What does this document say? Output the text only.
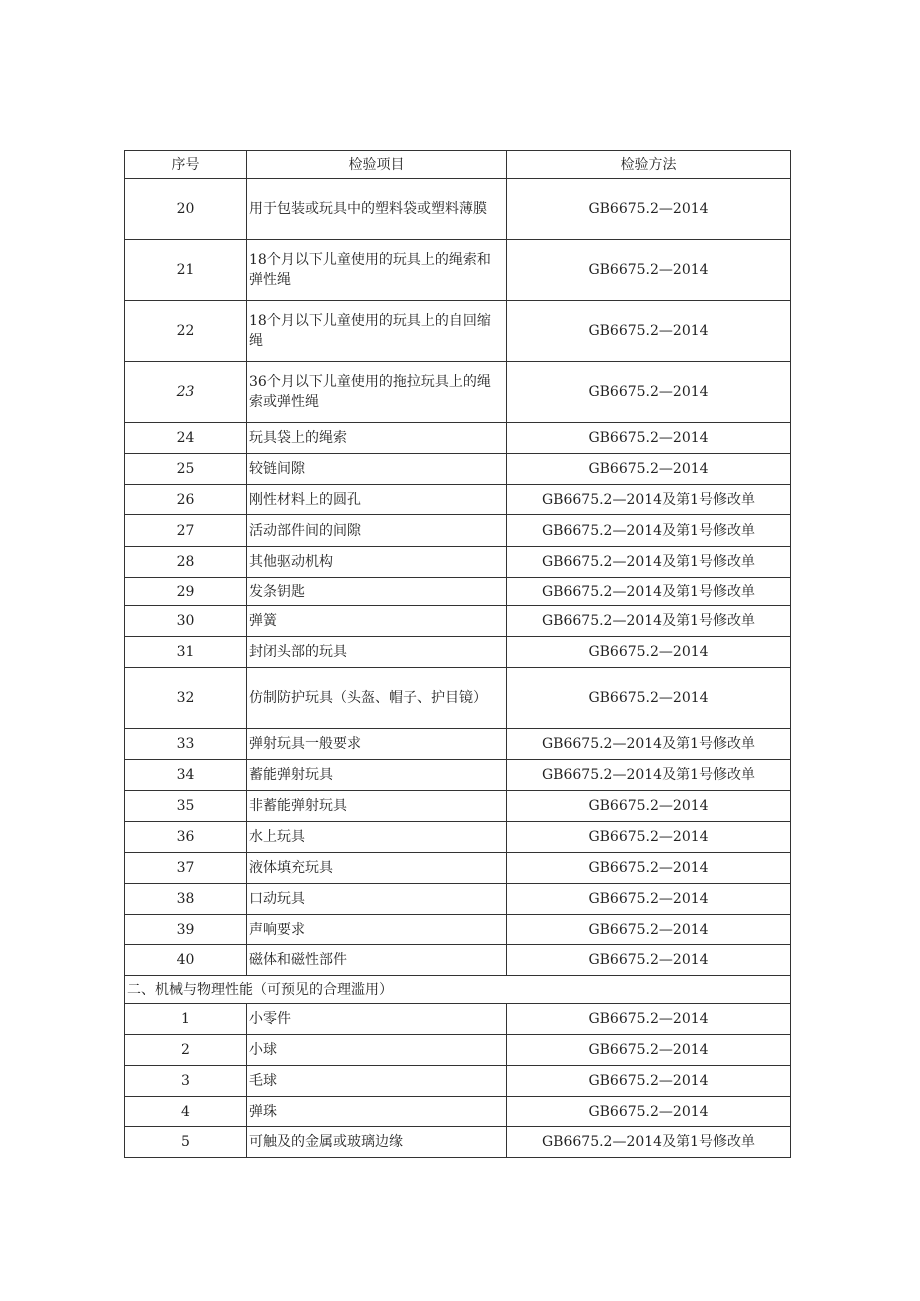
序号	检验项目	检验方法
20	用于包装或玩具中的塑料袋或塑料薄膜	GB6675.2—2014
21	18个月以下儿童使用的玩具上的绳索和弹性绳	GB6675.2—2014
22	18个月以下儿童使用的玩具上的自回缩绳	GB6675.2—2014
23	36个月以下儿童使用的拖拉玩具上的绳索或弹性绳	GB6675.2—2014
24	玩具袋上的绳索	GB6675.2—2014
25	较链间隙	GB6675.2—2014
26	刚性材料上的圆孔	GB6675.2—2014及第1号修改单
27	活动部件间的间隙	GB6675.2—2014及第1号修改单
28	其他驱动机构	GB6675.2—2014及第1号修改单
29	发条钥匙	GB6675.2—2014及第1号修改单
30	弹簧	GB6675.2—2014及第1号修改单
31	封闭头部的玩具	GB6675.2—2014
32	仿制防护玩具（头盔、帽子、护目镜）	GB6675.2—2014
33	弹射玩具一般要求	GB6675.2—2014及第1号修改单
34	蓄能弹射玩具	GB6675.2—2014及第1号修改单
35	非蓄能弹射玩具	GB6675.2—2014
36	水上玩具	GB6675.2—2014
37	液体填充玩具	GB6675.2—2014
38	口动玩具	GB6675.2—2014
39	声响要求	GB6675.2—2014
40	磁体和磁性部件	GB6675.2—2014
二、机械与物理性能（可预见的合理滥用）		
1	小零件	GB6675.2—2014
2	小球	GB6675.2—2014
3	毛球	GB6675.2—2014
4	弹珠	GB6675.2—2014
5	可触及的金属或玻璃边缘	GB6675.2—2014及第1号修改单
